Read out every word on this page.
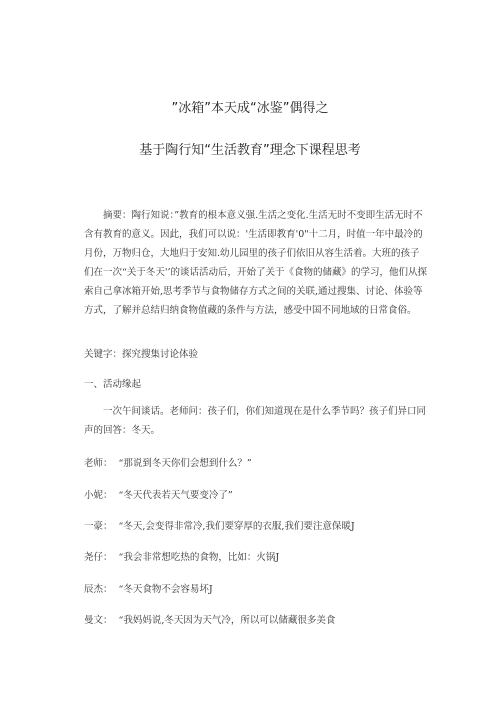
”冰箱”本天成“冰鉴”偶得之
基于陶行知“生活教育”理念下课程思考
摘要：陶行知说：”教育的根本意义强.生活之变化.生活无时不变即生活无时不含有教育的意义。因此，我们可以说：'生活即教育'0"十二月，时值一年中最冷的月份，万物归仓，大地归于安知.幼儿园里的孩子们依旧从容生活着。大班的孩子们在一次“关于冬天'’的谈话活动后，开始了关于《食物的储藏》的学习，他们从探索自己拿冰箱开始,思考季节与食物储存方式之间的关联,通过搜集、讨论、体验等方式，了解并总结归纳食物值藏的条件与方法，感受中国不同地域的日常食俗。
关键字：探究搜集讨论体验
一、活动缘起
一次午间谈话。老师问：孩子们，你们知道现在是什么季节吗？孩子们异口同声的回答：冬天。
老师： “那说到冬天你们会想到什么？”
小妮： “冬天代表若天气要变冷了”
一豪： “冬天,会变得非常冷,我们要穿厚的衣服,我们要注意保暖J
尧仔： “我会非常想吃热的食物，比如：火锅J
辰杰： “冬天食物不会容易坏J
曼文： “我妈妈说,冬天因为天气冷，所以可以储藏很多美食
